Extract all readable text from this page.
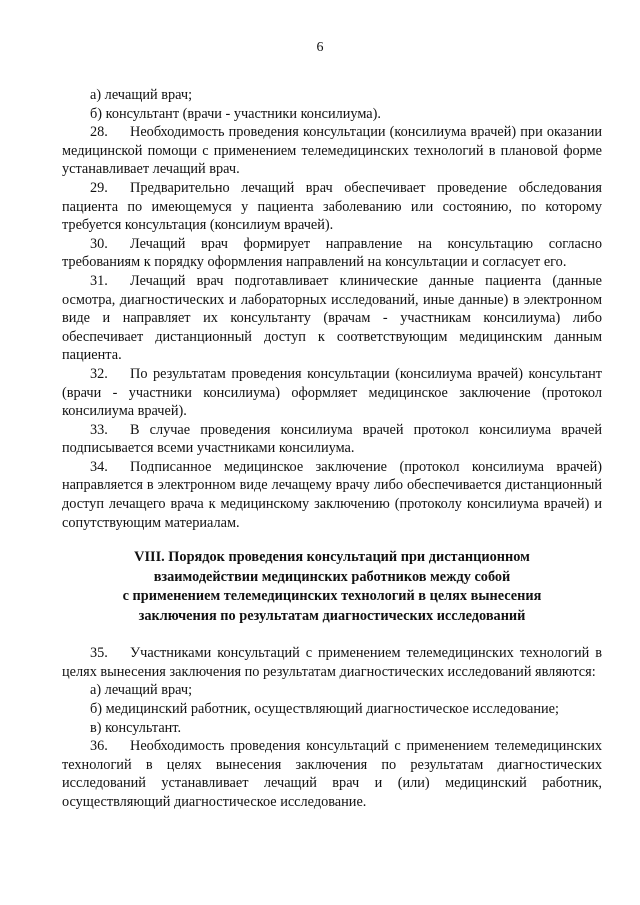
6

а) лечащий врач;

б) консультант (врачи - участники консилиума).

28. Необходимость проведения консультации (консилиума врачей) при оказании медицинской помощи с применением телемедицинских технологий в плановой форме устанавливает лечащий врач.

29. Предварительно лечащий врач обеспечивает проведение обследования пациента по имеющемуся у пациента заболеванию или состоянию, по которому требуется консультация (консилиум врачей).

30. Лечащий врач формирует направление на консультацию согласно требованиям к порядку оформления направлений на консультации и согласует его.

31. Лечащий врач подготавливает клинические данные пациента (данные осмотра, диагностических и лабораторных исследований, иные данные) в электронном виде и направляет их консультанту (врачам - участникам консилиума) либо обеспечивает дистанционный доступ к соответствующим медицинским данным пациента.

32. По результатам проведения консультации (консилиума врачей) консультант (врачи - участники консилиума) оформляет медицинское заключение (протокол консилиума врачей).

33. В случае проведения консилиума врачей протокол консилиума врачей подписывается всеми участниками консилиума.

34. Подписанное медицинское заключение (протокол консилиума врачей) направляется в электронном виде лечащему врачу либо обеспечивается дистанционный доступ лечащего врача к медицинскому заключению (протоколу консилиума врачей) и сопутствующим материалам.

VIII. Порядок проведения консультаций при дистанционном
взаимодействии медицинских работников между собой
с применением телемедицинских технологий в целях вынесения
заключения по результатам диагностических исследований

35. Участниками консультаций с применением телемедицинских технологий в целях вынесения заключения по результатам диагностических исследований являются:

а) лечащий врач;

б) медицинский работник, осуществляющий диагностическое исследование;

в) консультант.

36. Необходимость проведения консультаций с применением телемедицинских технологий в целях вынесения заключения по результатам диагностических исследований устанавливает лечащий врач и (или) медицинский работник, осуществляющий диагностическое исследование.
